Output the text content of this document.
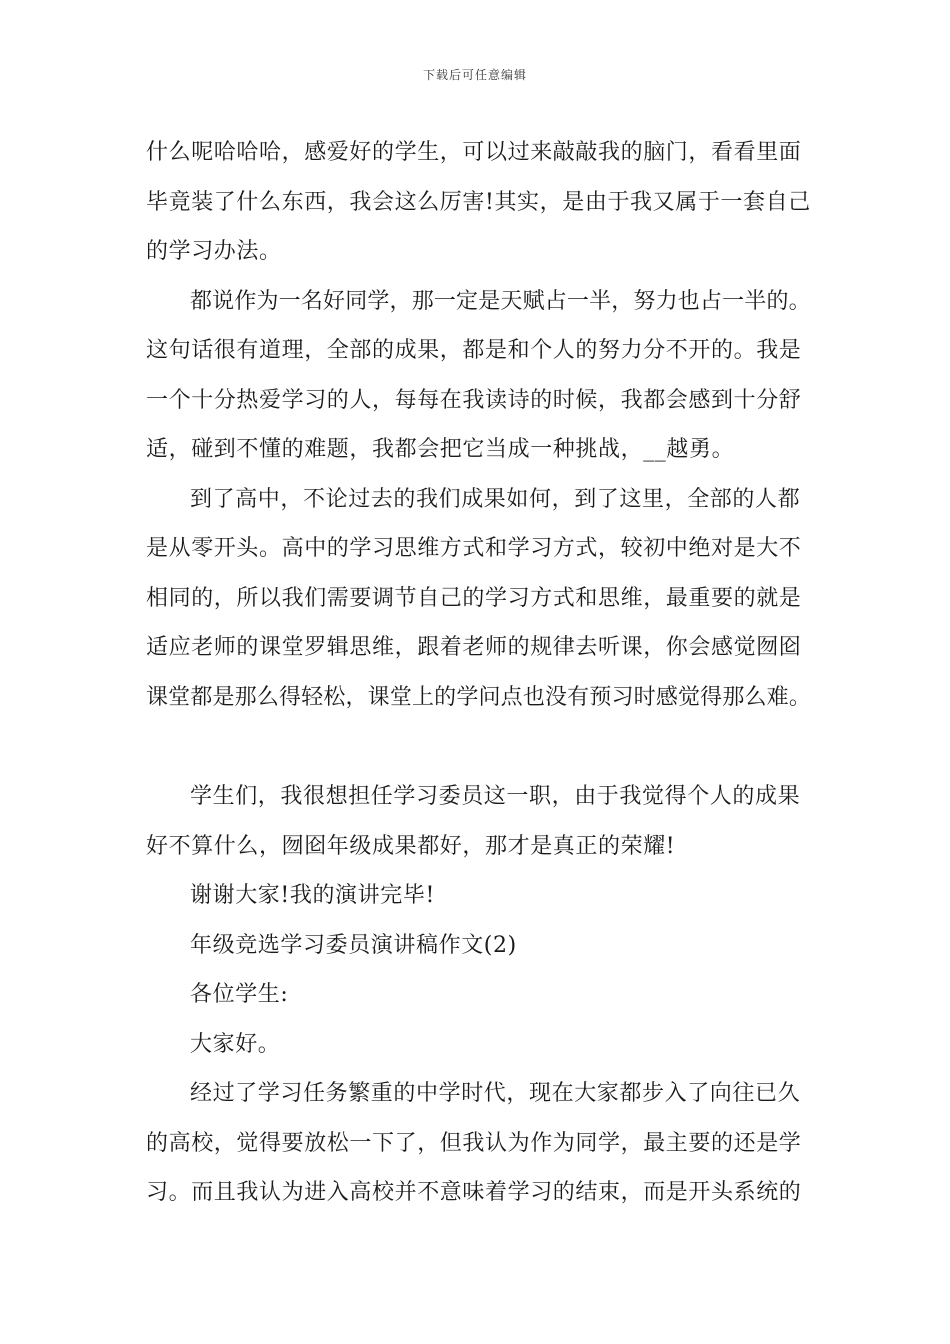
下载后可任意编辑
什么呢哈哈哈，感爱好的学生，可以过来敲敲我的脑门，看看里面
毕竟装了什么东西，我会这么厉害!其实，是由于我又属于一套自己
的学习办法。
都说作为一名好同学，那一定是天赋占一半，努力也占一半的。
这句话很有道理，全部的成果，都是和个人的努力分不开的。我是
一个十分热爱学习的人，每每在我读诗的时候，我都会感到十分舒
适，碰到不懂的难题，我都会把它当成一种挑战，__越勇。
到了高中，不论过去的我们成果如何，到了这里，全部的人都
是从零开头。高中的学习思维方式和学习方式，较初中绝对是大不
相同的，所以我们需要调节自己的学习方式和思维，最重要的就是
适应老师的课堂罗辑思维，跟着老师的规律去听课，你会感觉囫囵
课堂都是那么得轻松，课堂上的学问点也没有预习时感觉得那么难。
学生们，我很想担任学习委员这一职，由于我觉得个人的成果
好不算什么，囫囵年级成果都好，那才是真正的荣耀!
谢谢大家!我的演讲完毕!
年级竞选学习委员演讲稿作文(2)
各位学生:
大家好。
经过了学习任务繁重的中学时代，现在大家都步入了向往已久
的高校，觉得要放松一下了，但我认为作为同学，最主要的还是学
习。而且我认为进入高校并不意味着学习的结束，而是开头系统的
